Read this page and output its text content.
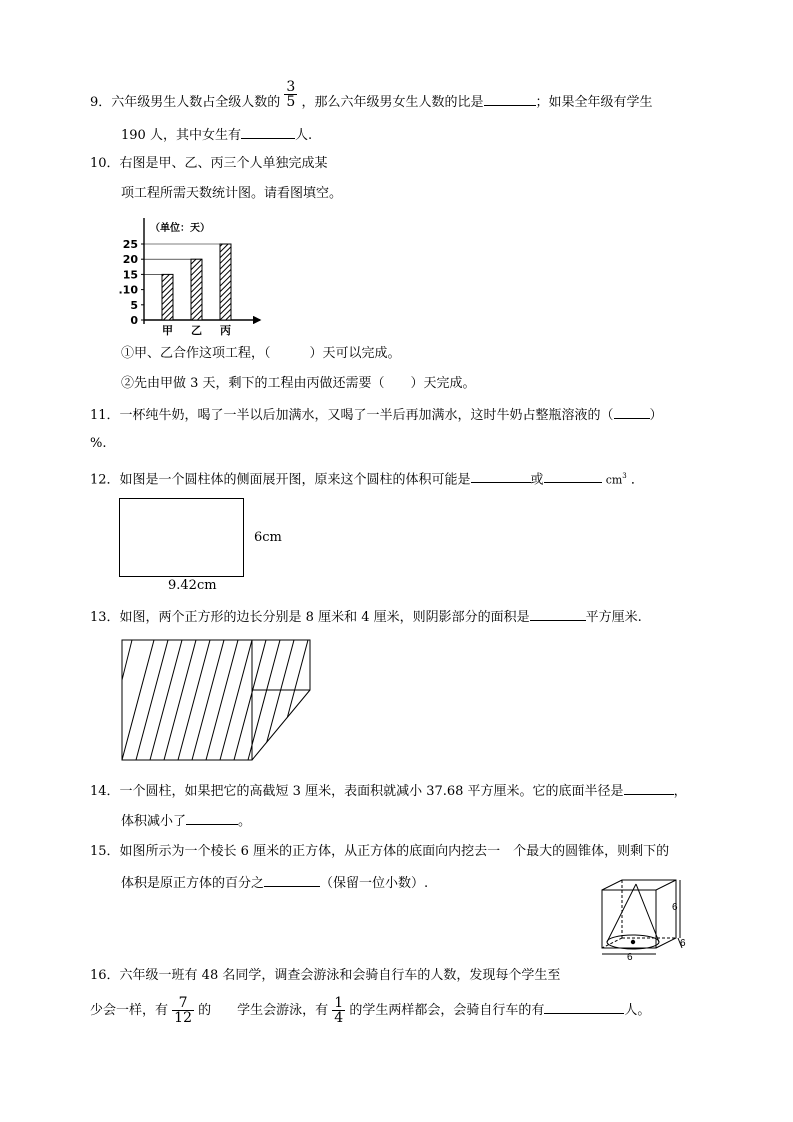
9．六年级男生人数占全级人数的 $\frac{3}{5}$ ，那么六年级男女生人数的比是	；如果全年级有学生
190 人，其中女生有	人.
10．右图是甲、乙、丙三个人单独完成某
项工程所需天数统计图。请看图填空。
（单位：天）
0
5
.10
15
20
25
甲 乙 丙
①甲、乙合作这项工程，（　　　）天可以完成。
②先由甲做 3 天，剩下的工程由丙做还需要（　　）天完成。
11．一杯纯牛奶，喝了一半以后加满水，又喝了一半后再加满水，这时牛奶占整瓶溶液的（	）
%.
12．如图是一个圆柱体的侧面展开图，原来这个圆柱的体积可能是	或	$cm^3$ ．
6cm
9.42cm
13．如图，两个正方形的边长分别是 8 厘米和 4 厘米，则阴影部分的面积是	平方厘米.
14．一个圆柱，如果把它的高截短 3 厘米，表面积就减小 37.68 平方厘米。它的底面半径是	，
体积减小了	。
15．如图所示为一个棱长 6 厘米的正方体，从正方体的底面向内挖去一　个最大的圆锥体，则剩下的
体积是原正方体的百分之	（保留一位小数）.
6
6
6
16．六年级一班有 48 名同学，调查会游泳和会骑自行车的人数，发现每个学生至
少会一样，有 $\frac{7}{12}$ 的　　学生会游泳，有 $\frac{1}{4}$ 的学生两样都会，会骑自行车的有	人。
